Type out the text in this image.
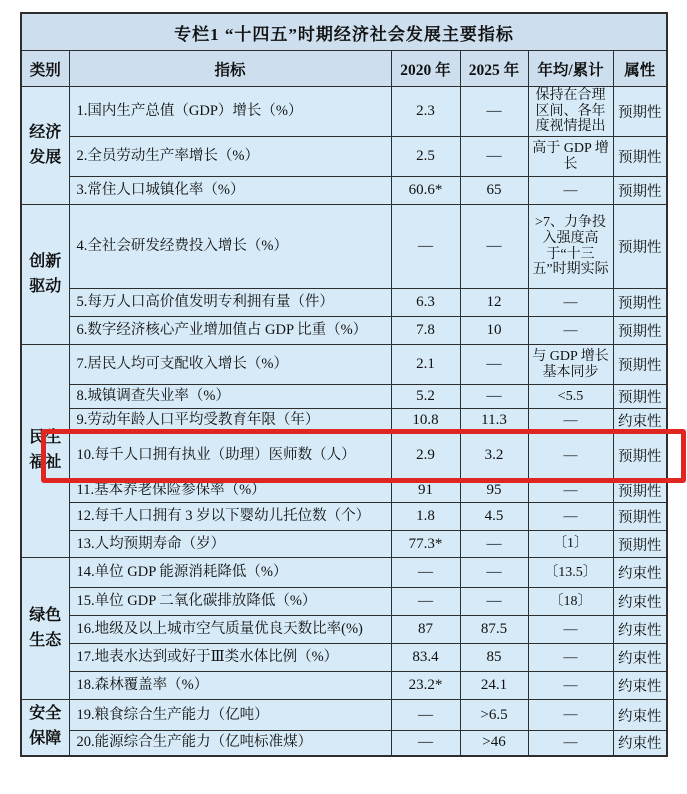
专栏1 “十四五”时期经济社会发展主要指标					
类别	指标	2020 年	2025 年	年均/累计	属性
经济发展	1.国内生产总值（GDP）增长（%）	2.3	—	保持在合理区间、各年度视情提出	预期性
	2.全员劳动生产率增长（%）	2.5	—	高于 GDP 增长	预期性
	3.常住人口城镇化率（%）	60.6*	65	—	预期性
创新驱动	4.全社会研发经费投入增长（%）	—	—	>7、力争投入强度高于“十三五”时期实际	预期性
	5.每万人口高价值发明专利拥有量（件）	6.3	12	—	预期性
	6.数字经济核心产业增加值占 GDP 比重（%）	7.8	10	—	预期性
民生福祉	7.居民人均可支配收入增长（%）	2.1	—	与 GDP 增长基本同步	预期性
	8.城镇调查失业率（%）	5.2	—	<5.5	预期性
	9.劳动年龄人口平均受教育年限（年）	10.8	11.3	—	约束性
	10.每千人口拥有执业（助理）医师数（人）	2.9	3.2	—	预期性
	11.基本养老保险参保率（%）	91	95	—	预期性
	12.每千人口拥有 3 岁以下婴幼儿托位数（个）	1.8	4.5	—	预期性
	13.人均预期寿命（岁）	77.3*	—	〔1〕	预期性
绿色生态	14.单位 GDP 能源消耗降低（%）	—	—	〔13.5〕	约束性
	15.单位 GDP 二氧化碳排放降低（%）	—	—	〔18〕	约束性
	16.地级及以上城市空气质量优良天数比率(%)	87	87.5	—	约束性
	17.地表水达到或好于Ⅲ类水体比例（%）	83.4	85	—	约束性
	18.森林覆盖率（%）	23.2*	24.1	—	约束性
安全保障	19.粮食综合生产能力（亿吨）	—	>6.5	—	约束性
	20.能源综合生产能力（亿吨标准煤）	—	>46	—	约束性
